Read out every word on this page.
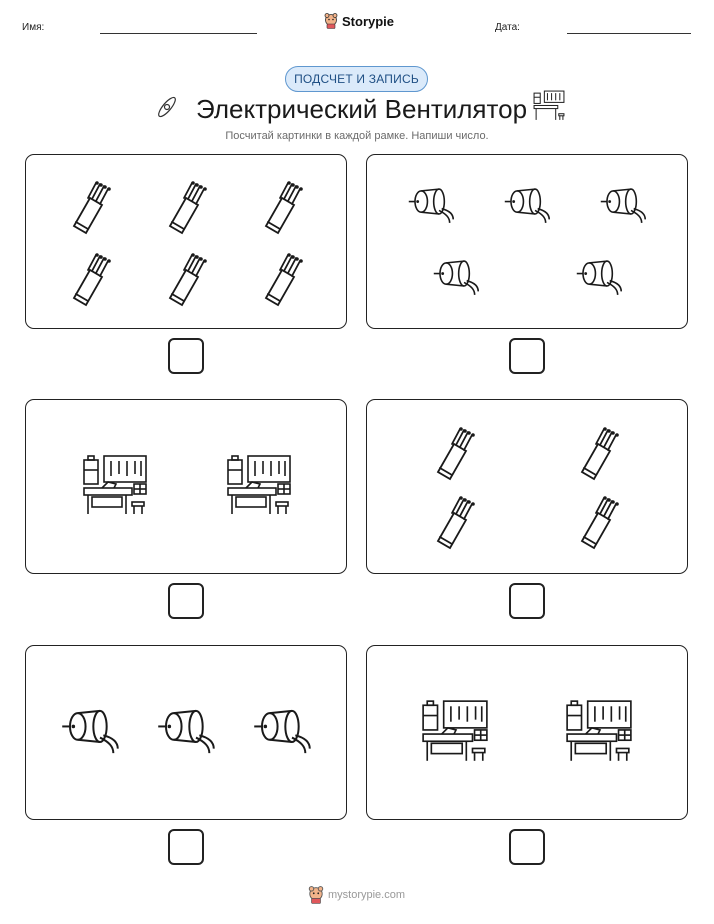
Имя:	Storypie	Дата:
ПОДСЧЕТ И ЗАПИСЬ
Электрический Вентилятор
Посчитай картинки в каждой рамке. Напиши число.
mystorypie.com
